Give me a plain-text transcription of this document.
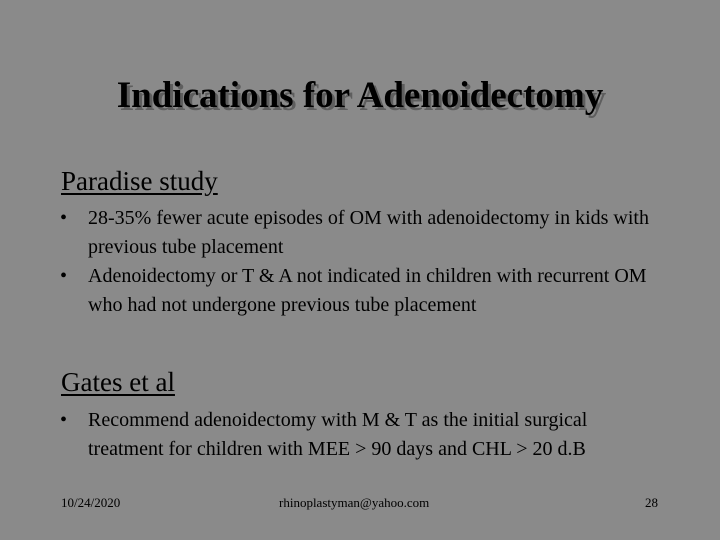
Indications for Adenoidectomy
Paradise study
• 28-35% fewer acute episodes of OM with adenoidectomy in kids with previous tube placement
• Adenoidectomy or T & A not indicated in children with recurrent OM who had not undergone previous tube placement
Gates et al
• Recommend adenoidectomy with M & T as the initial surgical treatment for children with MEE > 90 days and CHL > 20 d.B
10/24/2020	rhinoplastyman@yahoo.com	28
